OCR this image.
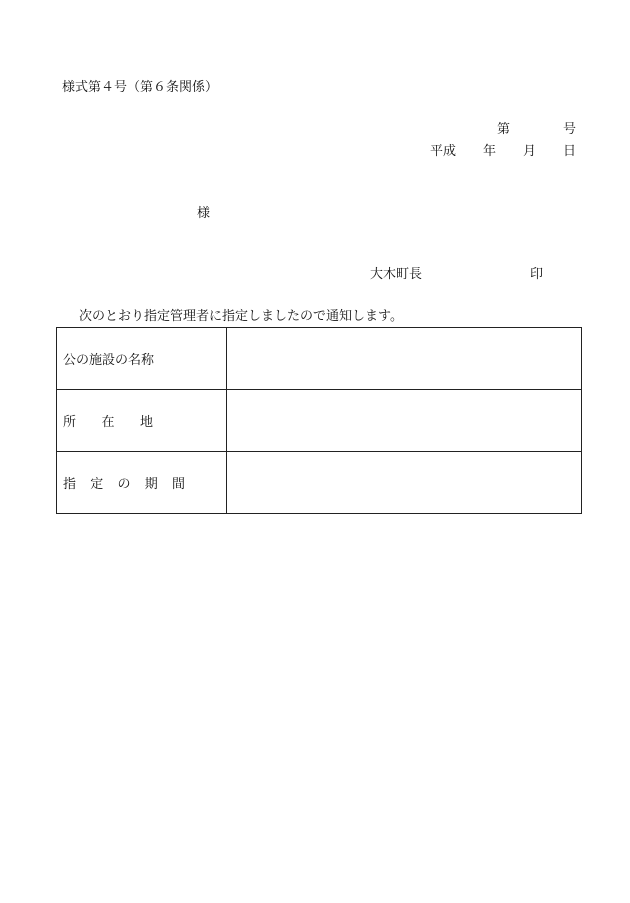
様式第４号（第６条関係）
第	号
平成 年 月 日
様
大木町長	印
次のとおり指定管理者に指定しましたので通知します。
公の施設の名称	

所 在 地	

指 定 の 期 間	
